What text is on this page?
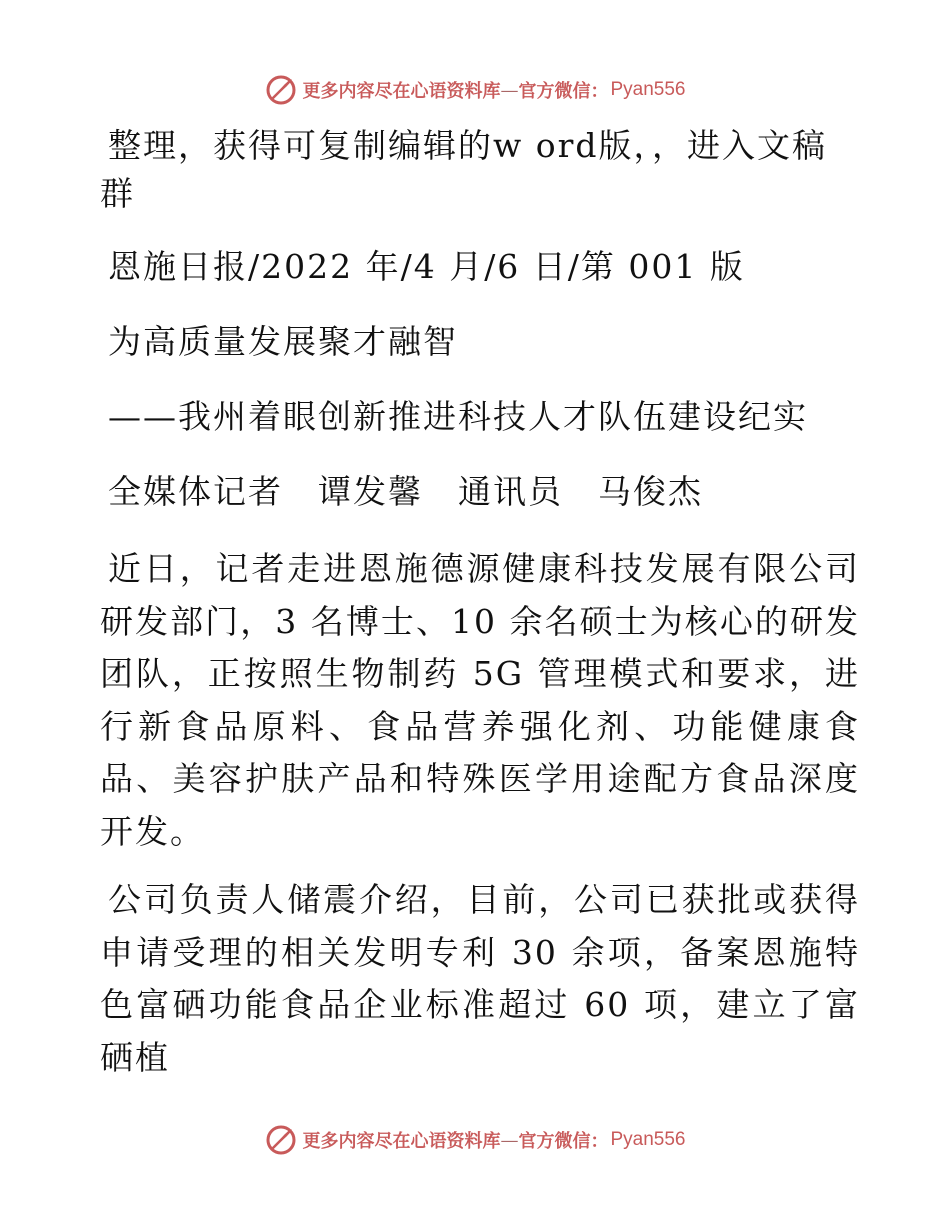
更多内容尽在心语资料库 — 官方微信： Pyan556

整理，获得可复制编辑的w ord版，，进入文稿群

恩施日报/2022 年/4 月/6 日/第 001 版

为高质量发展聚才融智

——我州着眼创新推进科技人才队伍建设纪实

全媒体记者　谭发馨　通讯员　马俊杰

近日，记者走进恩施德源健康科技发展有限公司研发部门，3 名博士、10 余名硕士为核心的研发团队，正按照生物制药 5G 管理模式和要求，进行新食品原料、食品营养强化剂、功能健康食品、美容护肤产品和特殊医学用途配方食品深度开发。

公司负责人储震介绍，目前，公司已获批或获得申请受理的相关发明专利 30 余项，备案恩施特色富硒功能食品企业标准超过 60 项，建立了富硒植

更多内容尽在心语资料库 — 官方微信： Pyan556
